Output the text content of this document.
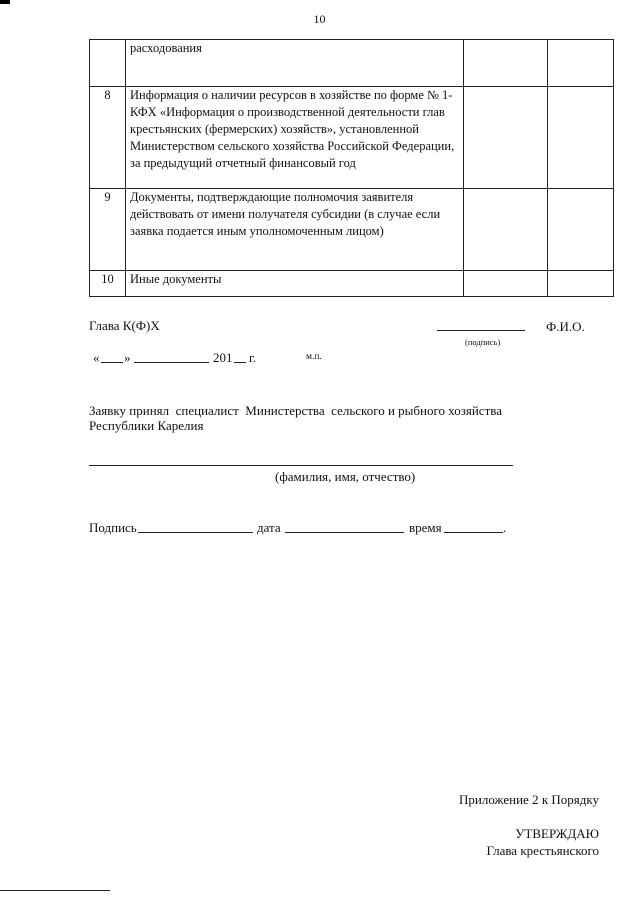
10
	расходования		
8	Информация о наличии ресурсов в хозяйстве по форме № 1-КФХ «Информация о производственной деятельности глав крестьянских (фермерских) хозяйств», установленной Министерством сельского хозяйства Российской Федерации, за предыдущий отчетный финансовый год		
9	Документы, подтверждающие полномочия заявителя действовать от имени получателя субсидии (в случае если заявка подается иным уполномоченным лицом)		
10	Иные документы		
Глава К(Ф)Х	Ф.И.О.
(подпись)
« »	201 г.	м.п.
Заявку принял  специалист  Министерства  сельского и рыбного хозяйства
Республики Карелия
(фамилия, имя, отчество)
Подпись	дата	время	.
Приложение 2 к Порядку
УТВЕРЖДАЮ
Глава крестьянского
